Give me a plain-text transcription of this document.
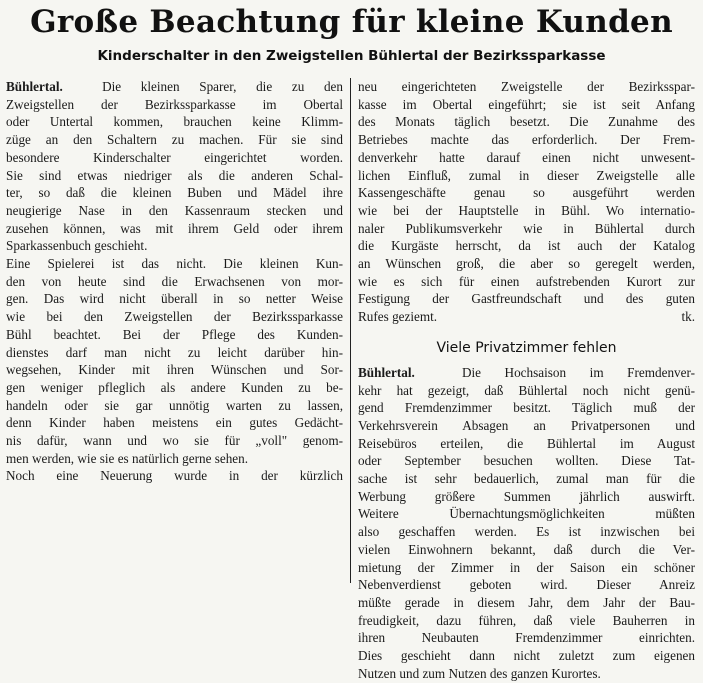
Große Beachtung für kleine Kunden
Kinderschalter in den Zweigstellen Bühlertal der Bezirkssparkasse
Bühlertal.	Die kleinen Sparer, die zu den
Zweigstellen der Bezirkssparkasse im Obertal
oder Untertal kommen, brauchen keine Klimm-
züge an den Schaltern zu machen. Für sie sind
besondere Kinderschalter eingerichtet worden.
Sie sind etwas niedriger als die anderen Schal-
ter, so daß die kleinen Buben und Mädel ihre
neugierige Nase in den Kassenraum stecken und
zusehen können, was mit ihrem Geld oder ihrem
Sparkassenbuch geschieht.
Eine Spielerei ist das nicht. Die kleinen Kun-
den von heute sind die Erwachsenen von mor-
gen. Das wird nicht überall in so netter Weise
wie bei den Zweigstellen der Bezirkssparkasse
Bühl beachtet. Bei der Pflege des Kunden-
dienstes darf man nicht zu leicht darüber hin-
wegsehen, Kinder mit ihren Wünschen und Sor-
gen weniger pfleglich als andere Kunden zu be-
handeln oder sie gar unnötig warten zu lassen,
denn Kinder haben meistens ein gutes Gedächt-
nis dafür, wann und wo sie für „voll" genom-
men werden, wie sie es natürlich gerne sehen.
Noch eine Neuerung wurde in der kürzlich
neu eingerichteten Zweigstelle der Bezirksspar-
kasse im Obertal eingeführt; sie ist seit Anfang
des Monats täglich besetzt. Die Zunahme des
Betriebes machte das erforderlich. Der Frem-
denverkehr hatte darauf einen nicht unwesent-
lichen Einfluß, zumal in dieser Zweigstelle alle
Kassengeschäfte genau so ausgeführt werden
wie bei der Hauptstelle in Bühl. Wo internatio-
naler Publikumsverkehr wie in Bühlertal durch
die Kurgäste herrscht, da ist auch der Katalog
an Wünschen groß, die aber so geregelt werden,
wie es sich für einen aufstrebenden Kurort zur
Festigung der Gastfreundschaft und des guten
Rufes geziemt.	tk.
Viele Privatzimmer fehlen
Bühlertal.	Die Hochsaison im Fremdenver-
kehr hat gezeigt, daß Bühlertal noch nicht genü-
gend Fremdenzimmer besitzt. Täglich muß der
Verkehrsverein Absagen an Privatpersonen und
Reisebüros erteilen, die Bühlertal im August
oder September besuchen wollten. Diese Tat-
sache ist sehr bedauerlich, zumal man für die
Werbung größere Summen jährlich auswirft.
Weitere Übernachtungsmöglichkeiten müßten
also geschaffen werden. Es ist inzwischen bei
vielen Einwohnern bekannt, daß durch die Ver-
mietung der Zimmer in der Saison ein schöner
Nebenverdienst geboten wird. Dieser Anreiz
müßte gerade in diesem Jahr, dem Jahr der Bau-
freudigkeit, dazu führen, daß viele Bauherren in
ihren Neubauten Fremdenzimmer einrichten.
Dies geschieht dann nicht zuletzt zum eigenen
Nutzen und zum Nutzen des ganzen Kurortes.
